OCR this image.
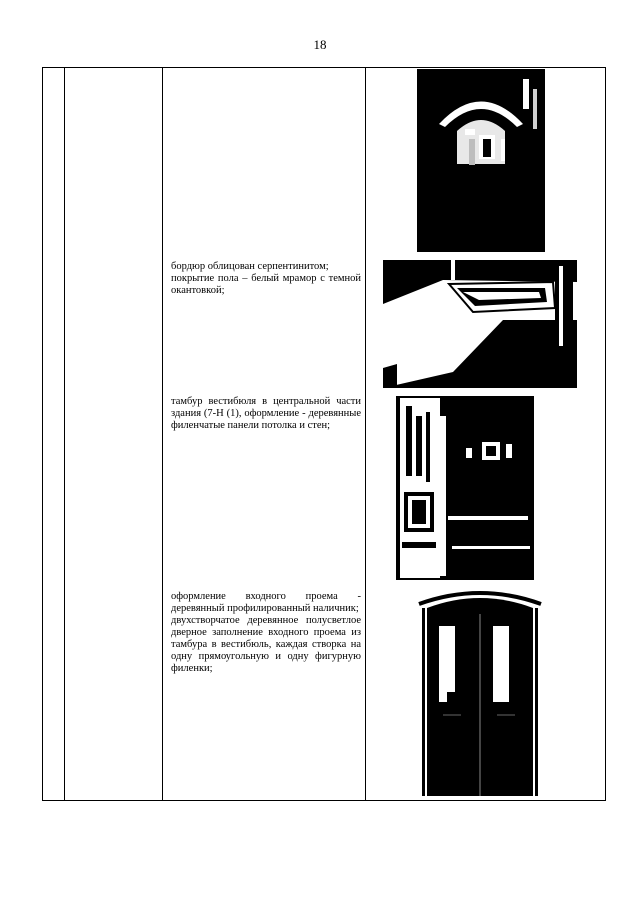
18

бордюр облицован серпентинитом;

покрытие пола – белый мрамор с темной окантовкой;

тамбур вестибюля в центральной части здания (7-Н (1), оформление - деревянные филенчатые панели потолка и стен;

оформление входного проема - деревянный профилированный наличник;

двухстворчатое деревянное полусветлое дверное заполнение входного проема из тамбура в вестибюль, каждая створка на одну прямоугольную и одну фигурную филенки;
